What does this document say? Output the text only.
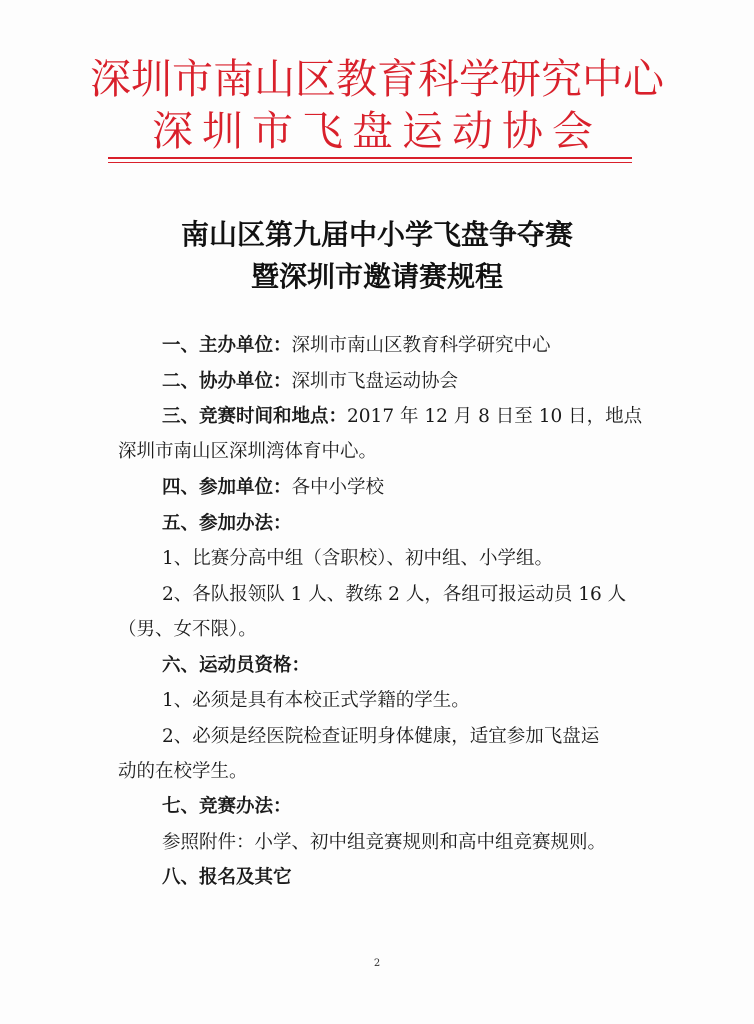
深圳市南山区教育科学研究中心
深圳市飞盘运动协会
南山区第九届中小学飞盘争夺赛
暨深圳市邀请赛规程
一、主办单位：深圳市南山区教育科学研究中心
二、协办单位：深圳市飞盘运动协会
三、竞赛时间和地点：2017 年 12 月 8 日至 10 日，地点
深圳市南山区深圳湾体育中心。
四、参加单位：各中小学校
五、参加办法：
1、比赛分高中组（含职校）、初中组、小学组。
2、各队报领队 1 人、教练 2 人，各组可报运动员 16 人
（男、女不限）。
六、运动员资格：
1、必须是具有本校正式学籍的学生。
2、必须是经医院检查证明身体健康，适宜参加飞盘运
动的在校学生。
七、竞赛办法：
参照附件：小学、初中组竞赛规则和高中组竞赛规则。
八、报名及其它
2
